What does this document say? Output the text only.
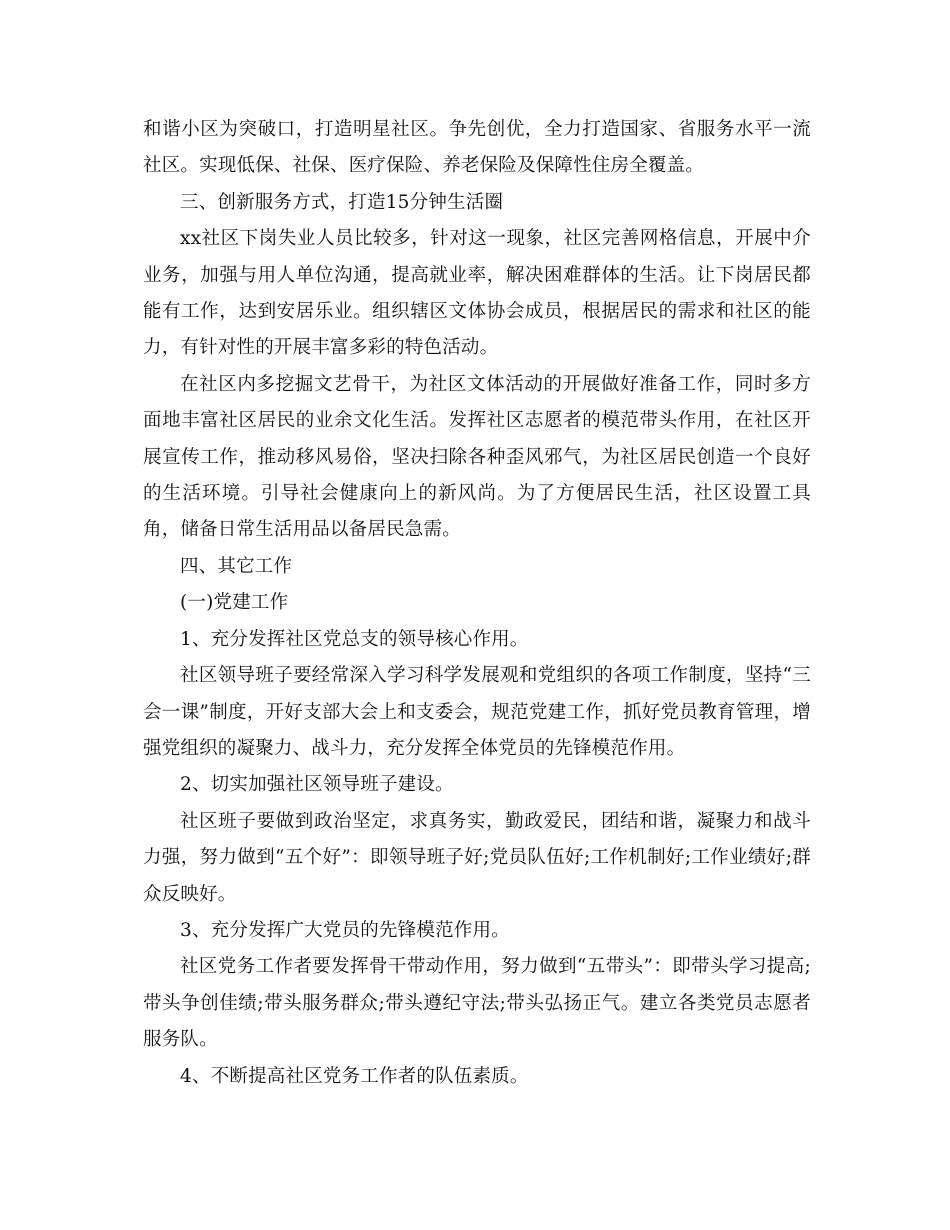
和谐小区为突破口，打造明星社区。争先创优，全力打造国家、省服务水平一流社区。实现低保、社保、医疗保险、养老保险及保障性住房全覆盖。

三、创新服务方式，打造15分钟生活圈

xx社区下岗失业人员比较多，针对这一现象，社区完善网格信息，开展中介业务，加强与用人单位沟通，提高就业率，解决困难群体的生活。让下岗居民都能有工作，达到安居乐业。组织辖区文体协会成员，根据居民的需求和社区的能力，有针对性的开展丰富多彩的特色活动。

在社区内多挖掘文艺骨干，为社区文体活动的开展做好准备工作，同时多方面地丰富社区居民的业余文化生活。发挥社区志愿者的模范带头作用，在社区开展宣传工作，推动移风易俗，坚决扫除各种歪风邪气，为社区居民创造一个良好的生活环境。引导社会健康向上的新风尚。为了方便居民生活，社区设置工具角，储备日常生活用品以备居民急需。

四、其它工作

(一)党建工作

1、充分发挥社区党总支的领导核心作用。

社区领导班子要经常深入学习科学发展观和党组织的各项工作制度，坚持“三会一课”制度，开好支部大会上和支委会，规范党建工作，抓好党员教育管理，增强党组织的凝聚力、战斗力，充分发挥全体党员的先锋模范作用。

2、切实加强社区领导班子建设。

社区班子要做到政治坚定，求真务实，勤政爱民，团结和谐，凝聚力和战斗力强，努力做到“五个好”：即领导班子好;党员队伍好;工作机制好;工作业绩好;群众反映好。

3、充分发挥广大党员的先锋模范作用。

社区党务工作者要发挥骨干带动作用，努力做到“五带头”：即带头学习提高;带头争创佳绩;带头服务群众;带头遵纪守法;带头弘扬正气。建立各类党员志愿者服务队。

4、不断提高社区党务工作者的队伍素质。
